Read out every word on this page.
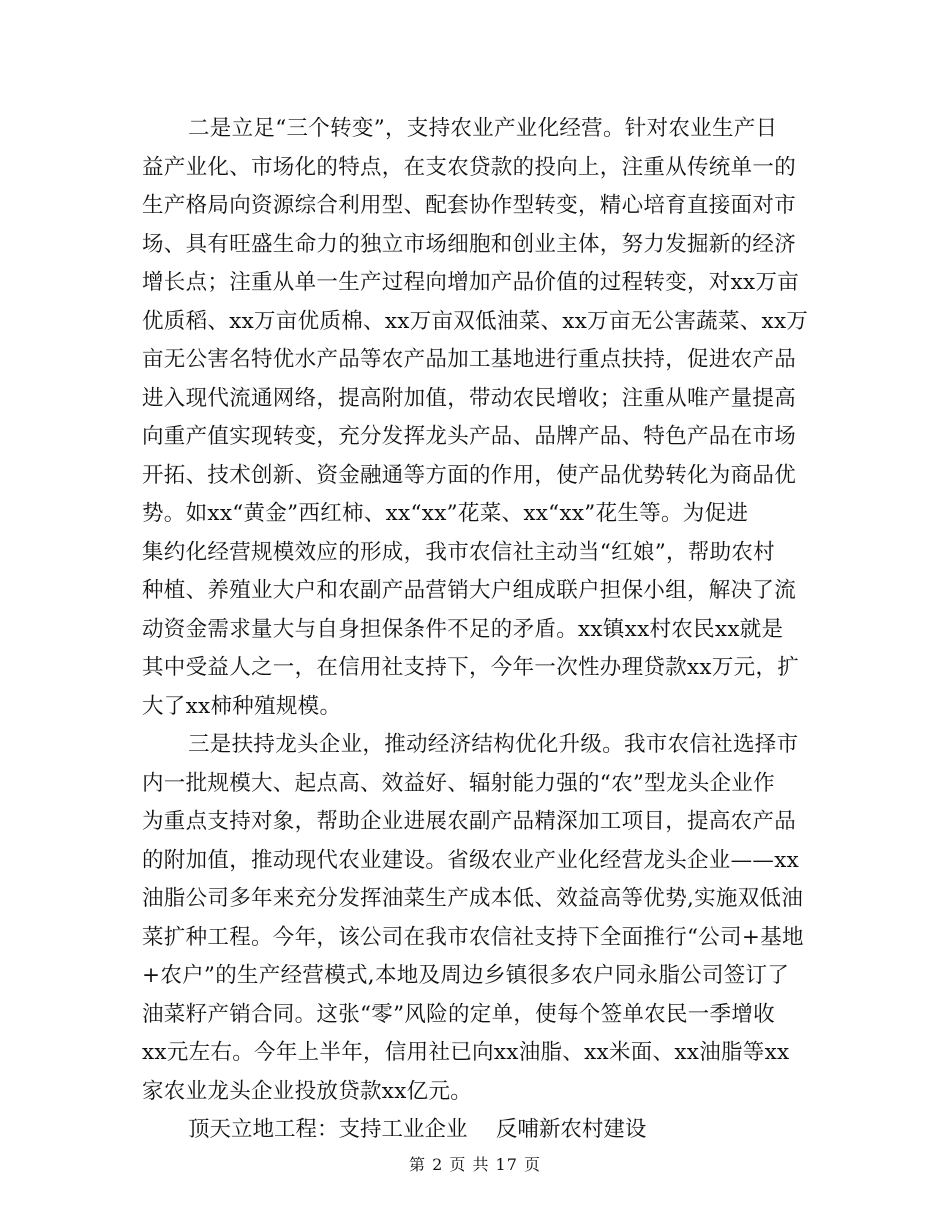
二是立足“三个转变”，支持农业产业化经营。针对农业生产日
益产业化、市场化的特点，在支农贷款的投向上，注重从传统单一的
生产格局向资源综合利用型、配套协作型转变，精心培育直接面对市
场、具有旺盛生命力的独立市场细胞和创业主体，努力发掘新的经济
增长点；注重从单一生产过程向增加产品价值的过程转变，对xx万亩
优质稻、xx万亩优质棉、xx万亩双低油菜、xx万亩无公害蔬菜、xx万
亩无公害名特优水产品等农产品加工基地进行重点扶持，促进农产品
进入现代流通网络，提高附加值，带动农民增收；注重从唯产量提高
向重产值实现转变，充分发挥龙头产品、品牌产品、特色产品在市场
开拓、技术创新、资金融通等方面的作用，使产品优势转化为商品优
势。如xx“黄金”西红柿、xx“xx”花菜、xx“xx”花生等。为促进
集约化经营规模效应的形成，我市农信社主动当“红娘”，帮助农村
种植、养殖业大户和农副产品营销大户组成联户担保小组，解决了流
动资金需求量大与自身担保条件不足的矛盾。xx镇xx村农民xx就是
其中受益人之一，在信用社支持下，今年一次性办理贷款xx万元，扩
大了xx柿种殖规模。

三是扶持龙头企业，推动经济结构优化升级。我市农信社选择市
内一批规模大、起点高、效益好、辐射能力强的“农”型龙头企业作
为重点支持对象，帮助企业进展农副产品精深加工项目，提高农产品
的附加值，推动现代农业建设。省级农业产业化经营龙头企业——xx
油脂公司多年来充分发挥油菜生产成本低、效益高等优势,实施双低油
菜扩种工程。今年，该公司在我市农信社支持下全面推行“公司+基地
+农户”的生产经营模式,本地及周边乡镇很多农户同永脂公司签订了
油菜籽产销合同。这张“零”风险的定单，使每个签单农民一季增收
xx元左右。今年上半年，信用社已向xx油脂、xx米面、xx油脂等xx
家农业龙头企业投放贷款xx亿元。

顶天立地工程：支持工业企业　 反哺新农村建设

第 2 页 共 17 页
